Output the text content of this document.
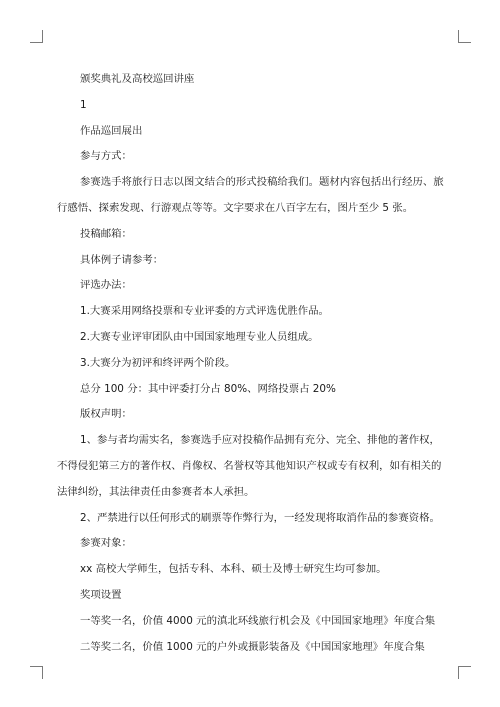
颁奖典礼及高校巡回讲座
1
作品巡回展出
参与方式：
参赛选手将旅行日志以图文结合的形式投稿给我们。题材内容包括出行经历、旅
行感悟、探索发现、行游观点等等。文字要求在八百字左右，图片至少 5 张。
投稿邮箱：
具体例子请参考：
评选办法：
1.大赛采用网络投票和专业评委的方式评选优胜作品。
2.大赛专业评审团队由中国国家地理专业人员组成。
3.大赛分为初评和终评两个阶段。
总分 100 分：其中评委打分占 80%、网络投票占 20%
版权声明：
1、参与者均需实名，参赛选手应对投稿作品拥有充分、完全、排他的著作权，
不得侵犯第三方的著作权、肖像权、名誉权等其他知识产权或专有权利，如有相关的
法律纠纷，其法律责任由参赛者本人承担。
2、严禁进行以任何形式的刷票等作弊行为，一经发现将取消作品的参赛资格。
参赛对象：
xx 高校大学师生，包括专科、本科、硕士及博士研究生均可参加。
奖项设置
一等奖一名，价值 4000 元的滇北环线旅行机会及《中国国家地理》年度合集
二等奖二名，价值 1000 元的户外或摄影装备及《中国国家地理》年度合集
